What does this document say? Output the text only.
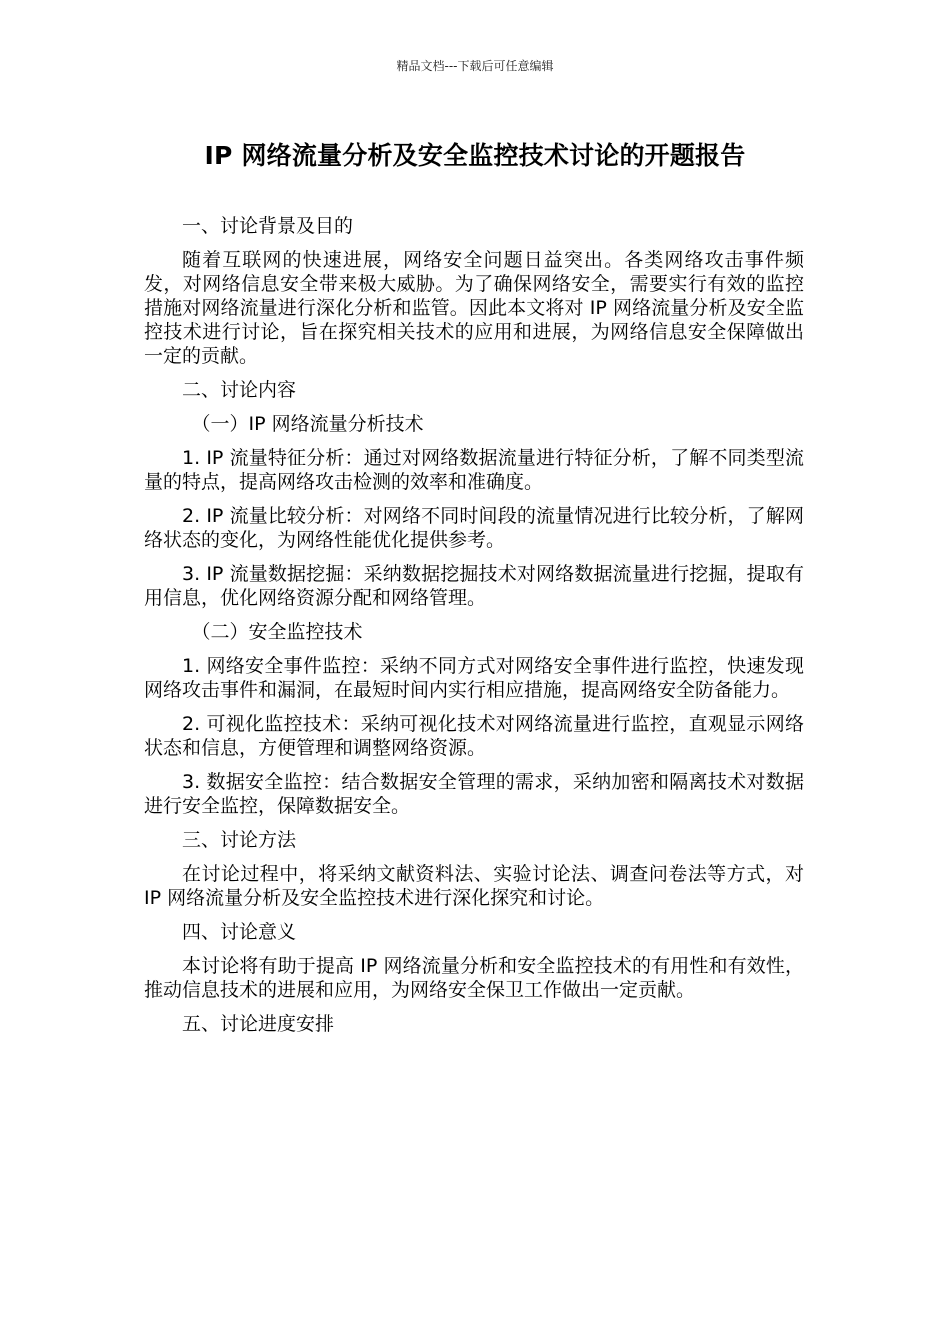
精品文档---下载后可任意编辑
IP 网络流量分析及安全监控技术讨论的开题报告

一、讨论背景及目的

随着互联网的快速进展，网络安全问题日益突出。各类网络攻击事件频发，对网络信息安全带来极大威胁。为了确保网络安全，需要实行有效的监控措施对网络流量进行深化分析和监管。因此本文将对 IP 网络流量分析及安全监控技术进行讨论，旨在探究相关技术的应用和进展，为网络信息安全保障做出一定的贡献。

二、讨论内容

（一）IP 网络流量分析技术

1. IP 流量特征分析：通过对网络数据流量进行特征分析，了解不同类型流量的特点，提高网络攻击检测的效率和准确度。

2. IP 流量比较分析：对网络不同时间段的流量情况进行比较分析，了解网络状态的变化，为网络性能优化提供参考。

3. IP 流量数据挖掘：采纳数据挖掘技术对网络数据流量进行挖掘，提取有用信息，优化网络资源分配和网络管理。

（二）安全监控技术

1. 网络安全事件监控：采纳不同方式对网络安全事件进行监控，快速发现网络攻击事件和漏洞，在最短时间内实行相应措施，提高网络安全防备能力。

2. 可视化监控技术：采纳可视化技术对网络流量进行监控，直观显示网络状态和信息，方便管理和调整网络资源。

3. 数据安全监控：结合数据安全管理的需求，采纳加密和隔离技术对数据进行安全监控，保障数据安全。

三、讨论方法

在讨论过程中，将采纳文献资料法、实验讨论法、调查问卷法等方式，对 IP 网络流量分析及安全监控技术进行深化探究和讨论。

四、讨论意义

本讨论将有助于提高 IP 网络流量分析和安全监控技术的有用性和有效性，推动信息技术的进展和应用，为网络安全保卫工作做出一定贡献。

五、讨论进度安排
